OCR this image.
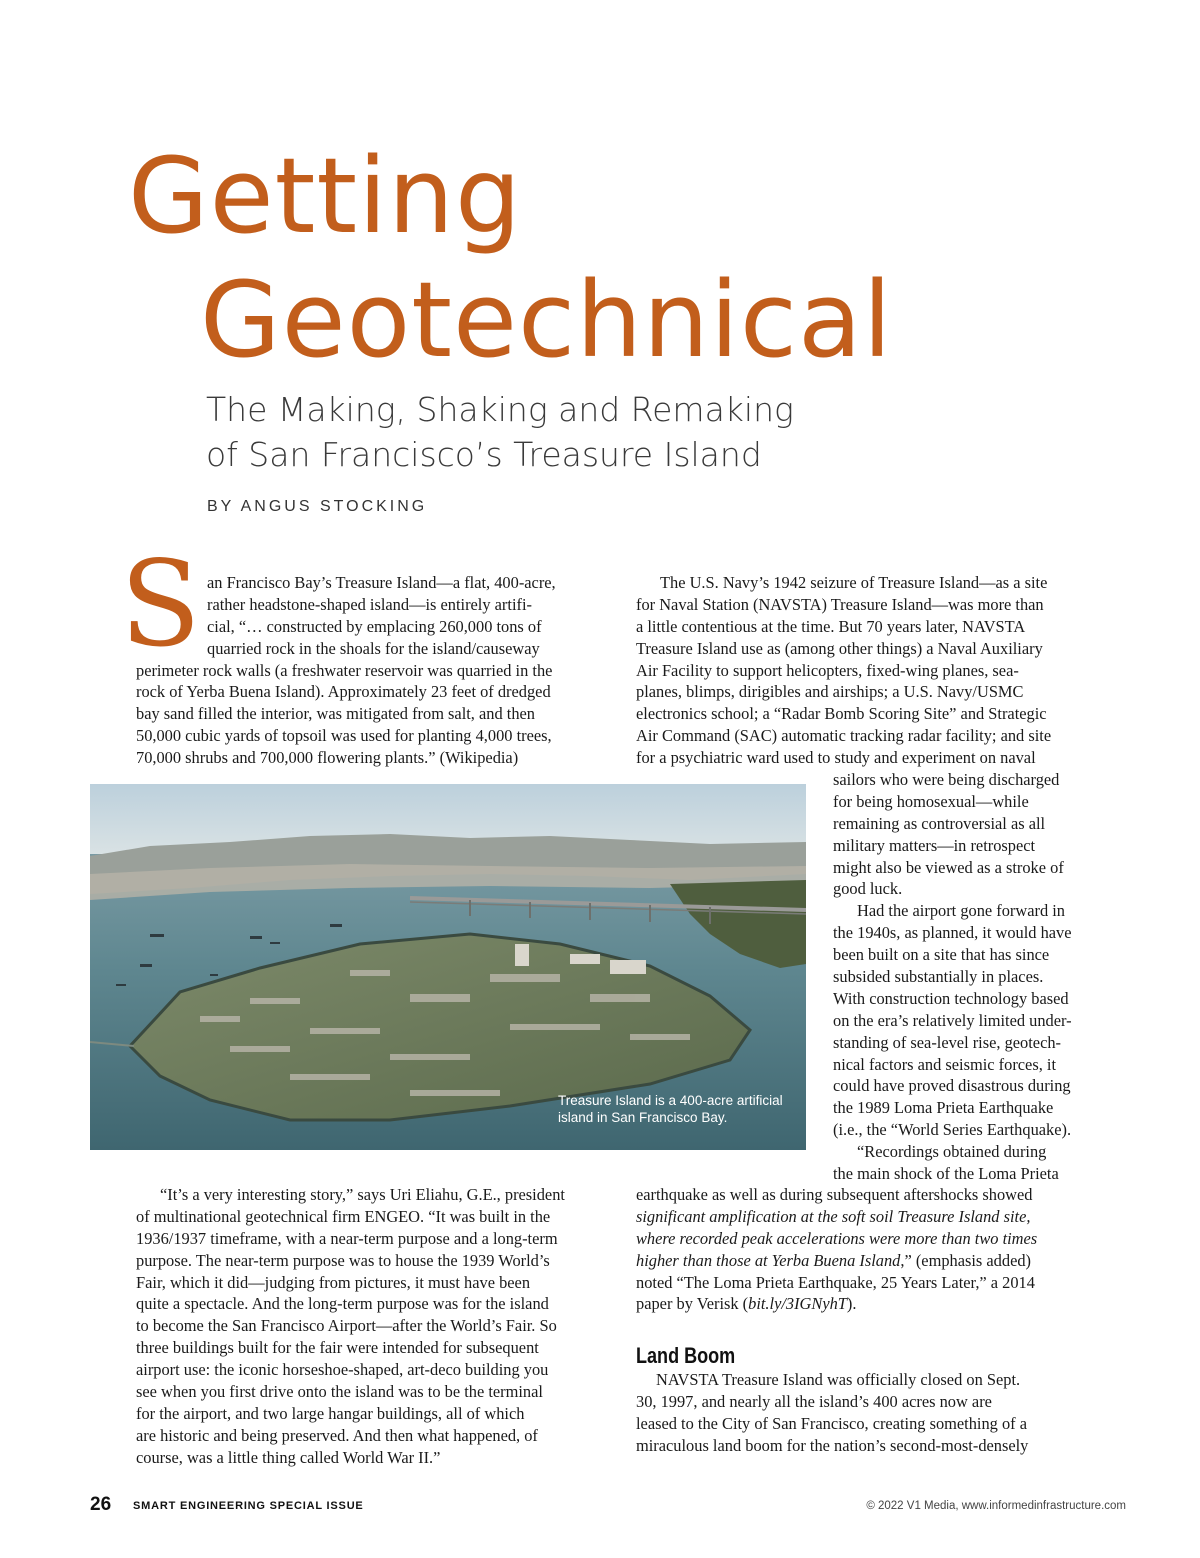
Getting
Geotechnical
The Making, Shaking and Remaking
of San Francisco’s Treasure Island
BY ANGUS STOCKING
S an Francisco Bay’s Treasure Island—a flat, 400-acre,
rather headstone-shaped island—is entirely artifi-
cial, “… constructed by emplacing 260,000 tons of
quarried rock in the shoals for the island/causeway
perimeter rock walls (a freshwater reservoir was quarried in the
rock of Yerba Buena Island). Approximately 23 feet of dredged
bay sand filled the interior, was mitigated from salt, and then
50,000 cubic yards of topsoil was used for planting 4,000 trees,
70,000 shrubs and 700,000 flowering plants.” (Wikipedia)
The U.S. Navy’s 1942 seizure of Treasure Island—as a site
for Naval Station (NAVSTA) Treasure Island—was more than
a little contentious at the time. But 70 years later, NAVSTA
Treasure Island use as (among other things) a Naval Auxiliary
Air Facility to support helicopters, fixed-wing planes, sea-
planes, blimps, dirigibles and airships; a U.S. Navy/USMC
electronics school; a “Radar Bomb Scoring Site” and Strategic
Air Command (SAC) automatic tracking radar facility; and site
for a psychiatric ward used to study and experiment on naval
sailors who were being discharged
for being homosexual—while
remaining as controversial as all
military matters—in retrospect
might also be viewed as a stroke of
good luck.
Had the airport gone forward in
the 1940s, as planned, it would have
been built on a site that has since
subsided substantially in places.
With construction technology based
on the era’s relatively limited under-
standing of sea-level rise, geotech-
nical factors and seismic forces, it
could have proved disastrous during
the 1989 Loma Prieta Earthquake
(i.e., the “World Series Earthquake).
“Recordings obtained during
the main shock of the Loma Prieta
earthquake as well as during subsequent aftershocks showed
significant amplification at the soft soil Treasure Island site,
where recorded peak accelerations were more than two times
higher than those at Yerba Buena Island,” (emphasis added)
noted “The Loma Prieta Earthquake, 25 Years Later,” a 2014
paper by Verisk (bit.ly/3IGNyhT).
Land Boom
NAVSTA Treasure Island was officially closed on Sept.
30, 1997, and nearly all the island’s 400 acres now are
leased to the City of San Francisco, creating something of a
miraculous land boom for the nation’s second-most-densely
“It’s a very interesting story,” says Uri Eliahu, G.E., president
of multinational geotechnical firm ENGEO. “It was built in the
1936/1937 timeframe, with a near-term purpose and a long-term
purpose. The near-term purpose was to house the 1939 World’s
Fair, which it did—judging from pictures, it must have been
quite a spectacle. And the long-term purpose was for the island
to become the San Francisco Airport—after the World’s Fair. So
three buildings built for the fair were intended for subsequent
airport use: the iconic horseshoe-shaped, art-deco building you
see when you first drive onto the island was to be the terminal
for the airport, and two large hangar buildings, all of which
are historic and being preserved. And then what happened, of
course, was a little thing called World War II.”
Treasure Island is a 400-acre artificial
island in San Francisco Bay.
26 SMART ENGINEERING SPECIAL ISSUE	© 2022 V1 Media, www.informedinfrastructure.com
